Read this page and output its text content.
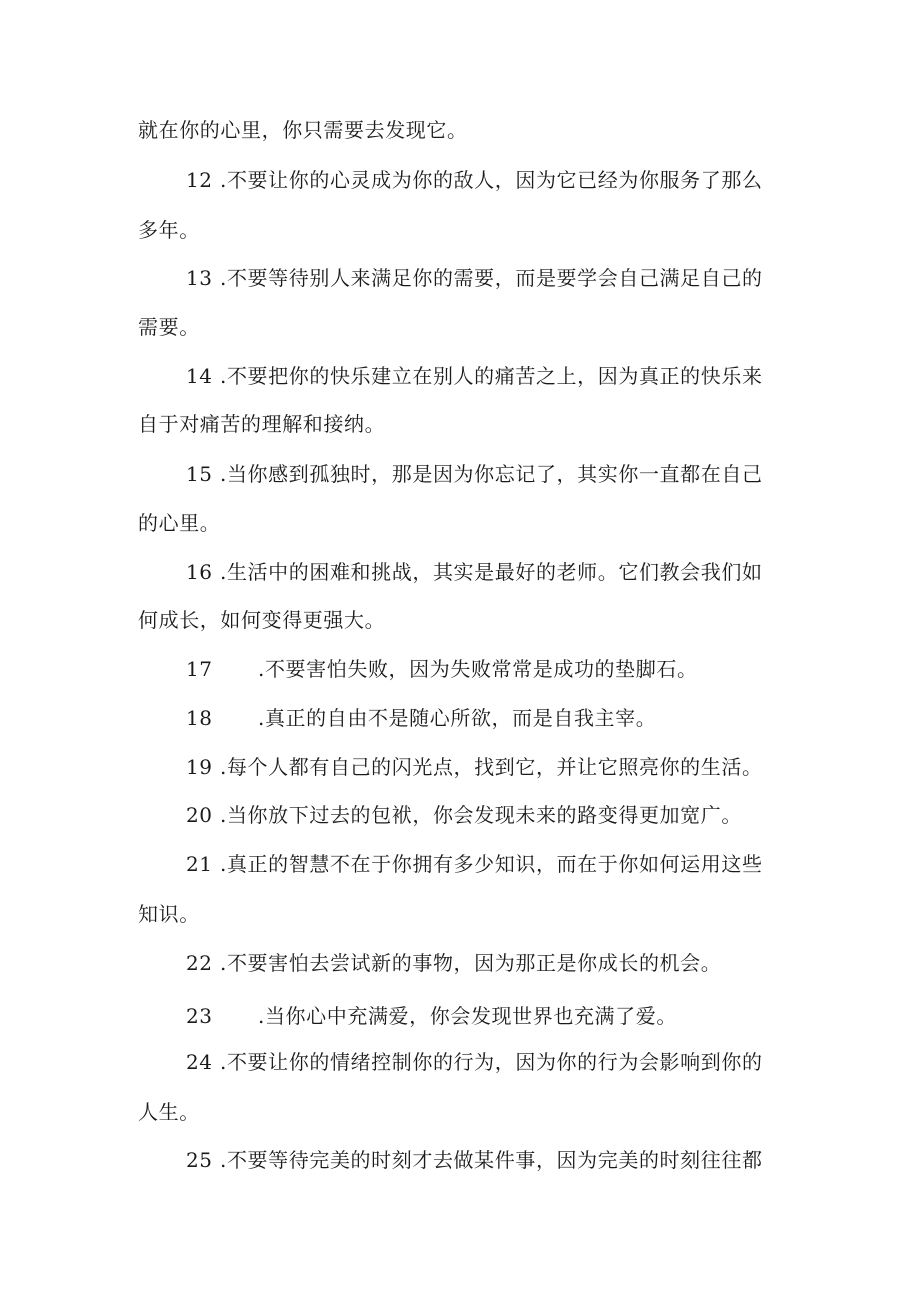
就在你的心里，你只需要去发现它。
12 .不要让你的心灵成为你的敌人，因为它已经为你服务了那么
多年。
13 .不要等待别人来满足你的需要，而是要学会自己满足自己的
需要。
14 .不要把你的快乐建立在别人的痛苦之上，因为真正的快乐来
自于对痛苦的理解和接纳。
15 .当你感到孤独时，那是因为你忘记了，其实你一直都在自己
的心里。
16 .生活中的困难和挑战，其实是最好的老师。它们教会我们如
何成长，如何变得更强大。
17 .不要害怕失败，因为失败常常是成功的垫脚石。
18 .真正的自由不是随心所欲，而是自我主宰。
19 .每个人都有自己的闪光点，找到它，并让它照亮你的生活。
20 .当你放下过去的包袱，你会发现未来的路变得更加宽广。
21 .真正的智慧不在于你拥有多少知识，而在于你如何运用这些
知识。
22 .不要害怕去尝试新的事物，因为那正是你成长的机会。
23 .当你心中充满爱，你会发现世界也充满了爱。
24 .不要让你的情绪控制你的行为，因为你的行为会影响到你的
人生。
25 .不要等待完美的时刻才去做某件事，因为完美的时刻往往都
